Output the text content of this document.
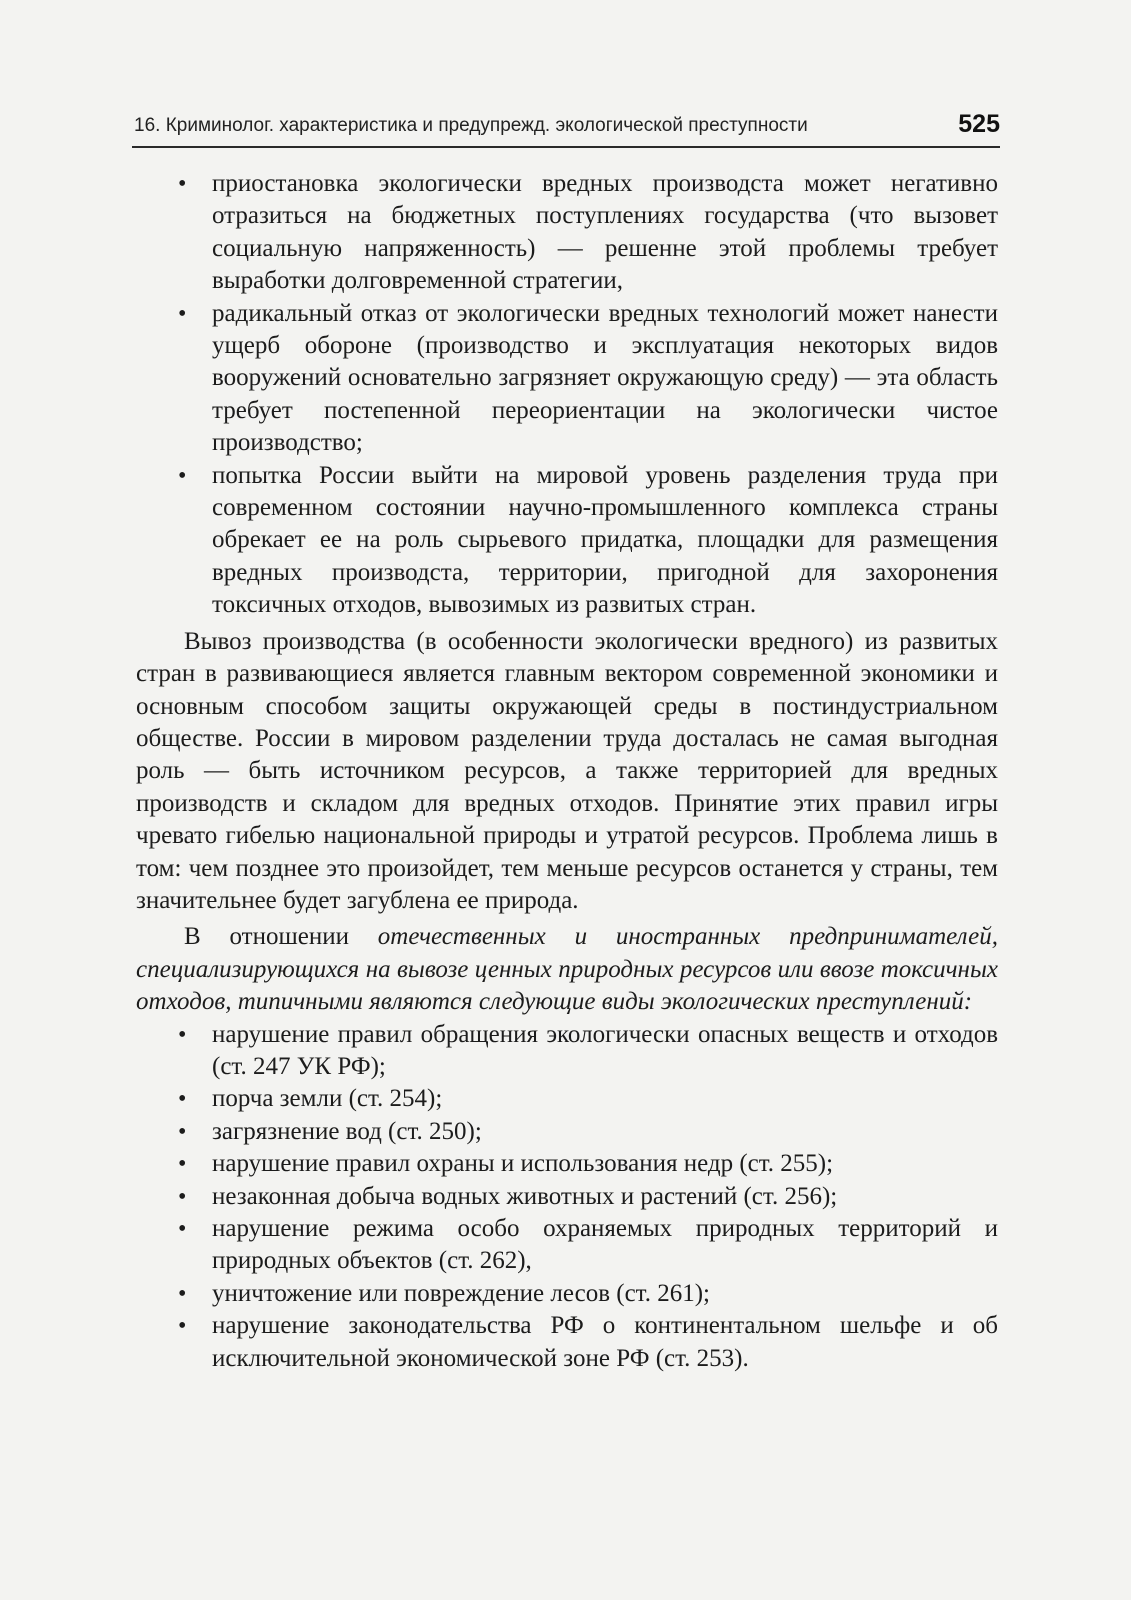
16. Криминолог. характеристика и предупрежд. экологической преступности	525
• приостановка экологически вредных производста может негативно отразиться на бюджетных поступлениях государства (что вызовет социальную напряженность) — решенне этой проблемы требует выработки долговременной стратегии,
• радикальный отказ от экологически вредных технологий может нанести ущерб обороне (производство и эксплуатация некоторых видов вооружений основательно загрязняет окружающую среду) — эта область требует постепенной переориентации на экологически чистое производство;
• попытка России выйти на мировой уровень разделения труда при современном состоянии научно-промышленного комплекса страны обрекает ее на роль сырьевого придатка, площадки для размещения вредных производста, территории, пригодной для захоронения токсичных отходов, вывозимых из развитых стран.

Вывоз производства (в особенности экологически вредного) из развитых стран в развивающиеся является главным вектором современной экономики и основным способом защиты окружающей среды в постиндустриальном обществе. России в мировом разделении труда досталась не самая выгодная роль — быть источником ресурсов, а также территорией для вредных производств и складом для вредных отходов. Принятие этих правил игры чревато гибелью национальной природы и утратой ресурсов. Проблема лишь в том: чем позднее это произойдет, тем меньше ресурсов останется у страны, тем значительнее будет загублена ее природа.

В отношении отечественных и иностранных предпринимателей, специализирующихся на вывозе ценных природных ресурсов или ввозе токсичных отходов, типичными являются следующие виды экологических преступлений:

• нарушение правил обращения экологически опасных веществ и отходов (ст. 247 УК РФ);
• порча земли (ст. 254);
• загрязнение вод (ст. 250);
• нарушение правил охраны и использования недр (ст. 255);
• незаконная добыча водных животных и растений (ст. 256);
• нарушение режима особо охраняемых природных территорий и природных объектов (ст. 262),
• уничтожение или повреждение лесов (ст. 261);
• нарушение законодательства РФ о континентальном шельфе и об исключительной экономической зоне РФ (ст. 253).
